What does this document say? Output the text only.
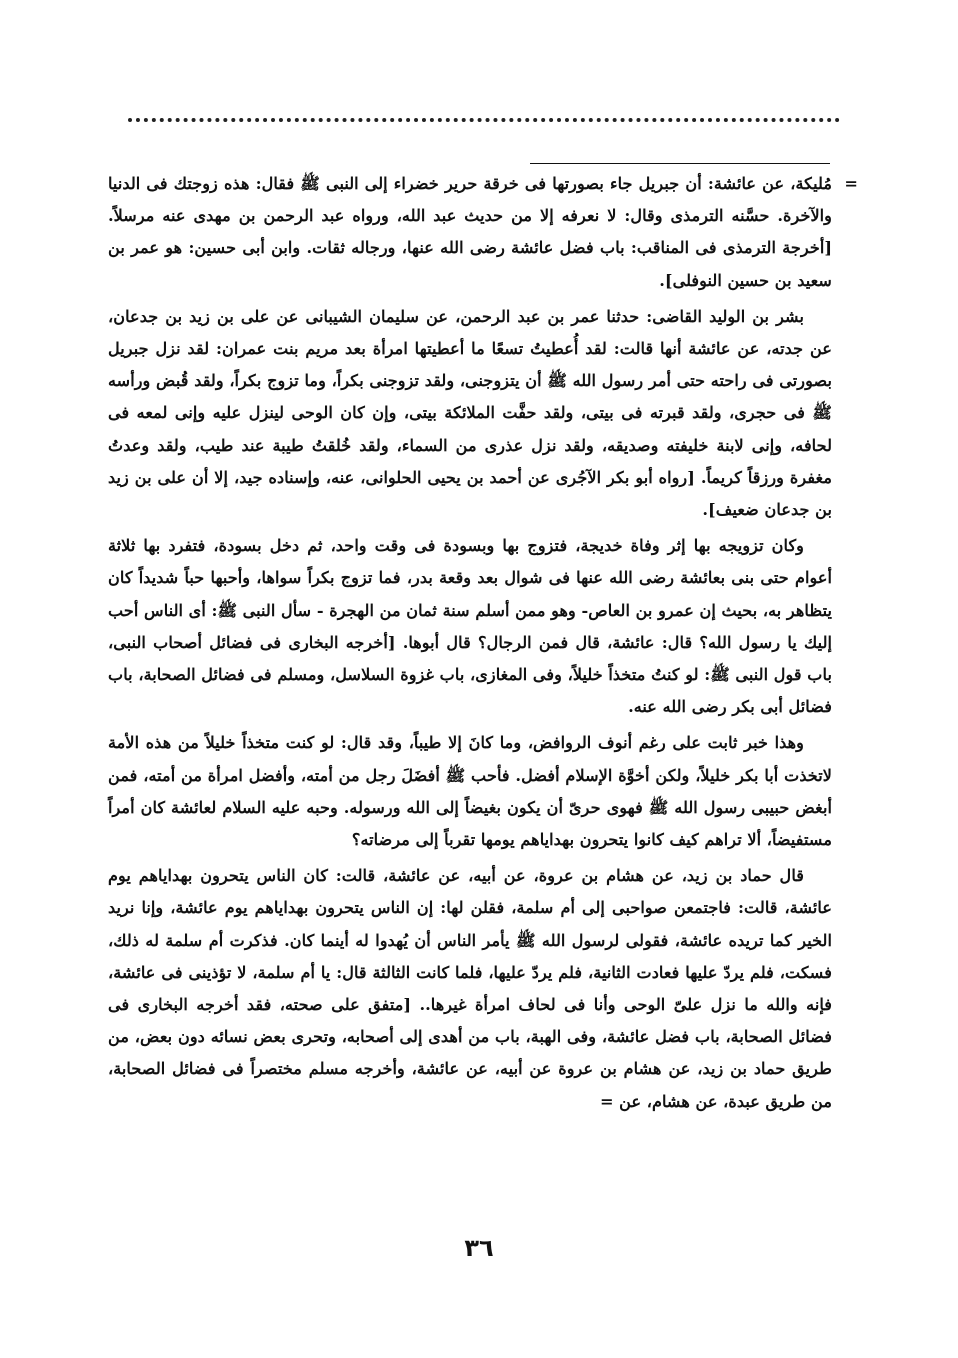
=
مُليكة، عن عائشة: أن جبريل جاء بصورتها فى خرقة حرير خضراء إلى النبى ﷺ فقال: هذه زوجتك فى الدنيا والآخرة. حسَّنه الترمذى وقال: لا نعرفه إلا من حديث عبد الله، ورواه عبد الرحمن بن مهدى عنه مرسلاً. [أخرجة الترمذى فى المناقب: باب فضل عائشة رضى الله عنها، ورجاله ثقات. وابن أبى حسين: هو عمر بن سعيد بن حسين النوفلى].

بشر بن الوليد القاضى: حدثنا عمر بن عبد الرحمن، عن سليمان الشيبانى عن على بن زيد بن جدعان، عن جدته، عن عائشة أنها قالت: لقد أُعطيتُ تسعًا ما أعطيتها امرأة بعد مريم بنت عمران: لقد نزل جبريل بصورتى فى راحته حتى أمر رسول الله ﷺ أن يتزوجنى، ولقد تزوجنى بكراً، وما تزوج بكراً، ولقد قُبض ورأسه ﷺ فى حجرى، ولقد قبرته فى بيتى، ولقد حفَّت الملائكة بيتى، وإن كان الوحى لينزل عليه وإنى لمعه فى لحافه، وإنى لابنة خليفته وصديقه، ولقد نزل عذرى من السماء، ولقد خُلقتُ طيبة عند طيب، ولقد وعدتُ مغفرة ورزقاً كريماً. [رواه أبو بكر الآجُرى عن أحمد بن يحيى الحلوانى، عنه، وإسناده جيد، إلا أن على بن زيد بن جدعان ضعيف].

وكان تزويجه بها إثر وفاة خديجة، فتزوج بها وبسودة فى وقت واحد، ثم دخل بسودة، فتفرد بها ثلاثة أعوام حتى بنى بعائشة رضى الله عنها فى شوال بعد وقعة بدر، فما تزوج بكراً سواها، وأحبها حباً شديداً كان يتظاهر به، بحيث إن عمرو بن العاص- وهو ممن أسلم سنة ثمان من الهجرة - سأل النبى ﷺ: أى الناس أحب إليك يا رسول الله؟ قال: عائشة، قال فمن الرجال؟ قال أبوها. [أخرجه البخارى فى فضائل أصحاب النبى، باب قول النبى ﷺ: لو كنتُ متخذاً خليلاً، وفى المغازى، باب غزوة السلاسل، ومسلم فى فضائل الصحابة، باب فضائل أبى بكر رضى الله عنه.

وهذا خبر ثابت على رغم أنوف الروافض، وما كانَ إلا طيباً، وقد قال: لو كنت متخذاً خليلاً من هذه الأمة لاتخذت أبا بكر خليلاً، ولكن أخوَّة الإسلام أفضل. فأحب ﷺ أفضَلَ رجل من أمته، وأفضل امرأة من أمته، فمن أبغض حبيبى رسول الله ﷺ فهوى حرىّ أن يكون بغيضاً إلى الله ورسوله. وحبه عليه السلام لعائشة كان أمراً مستفيضاً، ألا تراهم كيف كانوا يتحرون بهداياهم يومها تقرباً إلى مرضاته؟

قال حماد بن زيد، عن هشام بن عروة، عن أبيه، عن عائشة، قالت: كان الناس يتحرون بهداياهم يوم عائشة، قالت: فاجتمعن صواحبى إلى أم سلمة، فقلن لها: إن الناس يتحرون بهداياهم يوم عائشة، وإنا نريد الخير كما تريده عائشة، فقولى لرسول الله ﷺ يأمر الناس أن يُهدوا له أينما كان. فذكرت أم سلمة له ذلك، فسكت، فلم يردّ عليها فعادت الثانية، فلم يردّ عليها، فلما كانت الثالثة قال: يا أم سلمة، لا تؤذينى فى عائشة، فإنه والله ما نزل علىّ الوحى وأنا فى لحاف امرأة غيرها.. [متفق على صحته، فقد أخرجه البخارى فى فضائل الصحابة، باب فضل عائشة، وفى الهبة، باب من أهدى إلى أصحابه، وتحرى بعض نسائه دون بعض، من طريق حماد بن زيد، عن هشام بن عروة عن أبيه، عن عائشة، وأخرجه مسلم مختصراً فى فضائل الصحابة، من طريق عبدة، عن هشام، عن =

٣٦
